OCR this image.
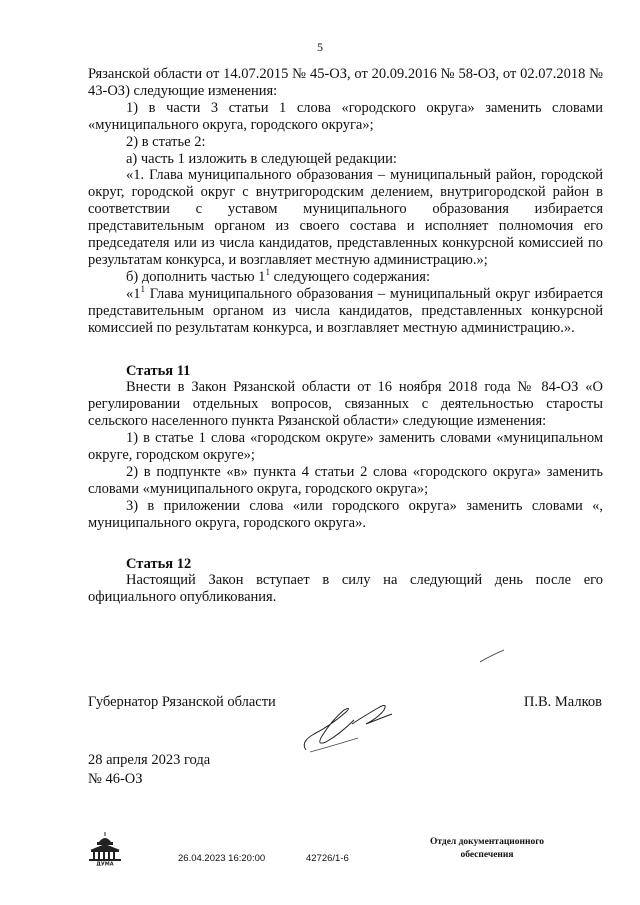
5

Рязанской области от 14.07.2015 № 45-ОЗ, от 20.09.2016 № 58-ОЗ, от 02.07.2018 № 43-ОЗ) следующие изменения:

1) в части 3 статьи 1 слова «городского округа» заменить словами «муниципального округа, городского округа»;

2) в статье 2:

а) часть 1 изложить в следующей редакции:

«1. Глава муниципального образования – муниципальный район, городской округ, городской округ с внутригородским делением, внутригородской район в соответствии с уставом муниципального образования избирается представительным органом из своего состава и исполняет полномочия его председателя или из числа кандидатов, представленных конкурсной комиссией по результатам конкурса, и возглавляет местную администрацию.»;

б) дополнить частью $1^1$ следующего содержания:

«$1^1$ Глава муниципального образования – муниципальный округ избирается представительным органом из числа кандидатов, представленных конкурсной комиссией по результатам конкурса, и возглавляет местную администрацию.».

Статья 11

Внести в Закон Рязанской области от 16 ноября 2018 года № 84-ОЗ «О регулировании отдельных вопросов, связанных с деятельностью старосты сельского населенного пункта Рязанской области» следующие изменения:

1) в статье 1 слова «городском округе» заменить словами «муниципальном округе, городском округе»;

2) в подпункте «в» пункта 4 статьи 2 слова «городского округа» заменить словами «муниципального округа, городского округа»;

3) в приложении слова «или городского округа» заменить словами «, муниципального округа, городского округа».

Статья 12

Настоящий Закон вступает в силу на следующий день после его официального опубликования.

Губернатор Рязанской области	П.В. Малков
28 апреля 2023 года
№ 46-ОЗ
ДУМА
26.04.2023 16:20:00	42726/1-6
Отдел документационного
обеспечения
